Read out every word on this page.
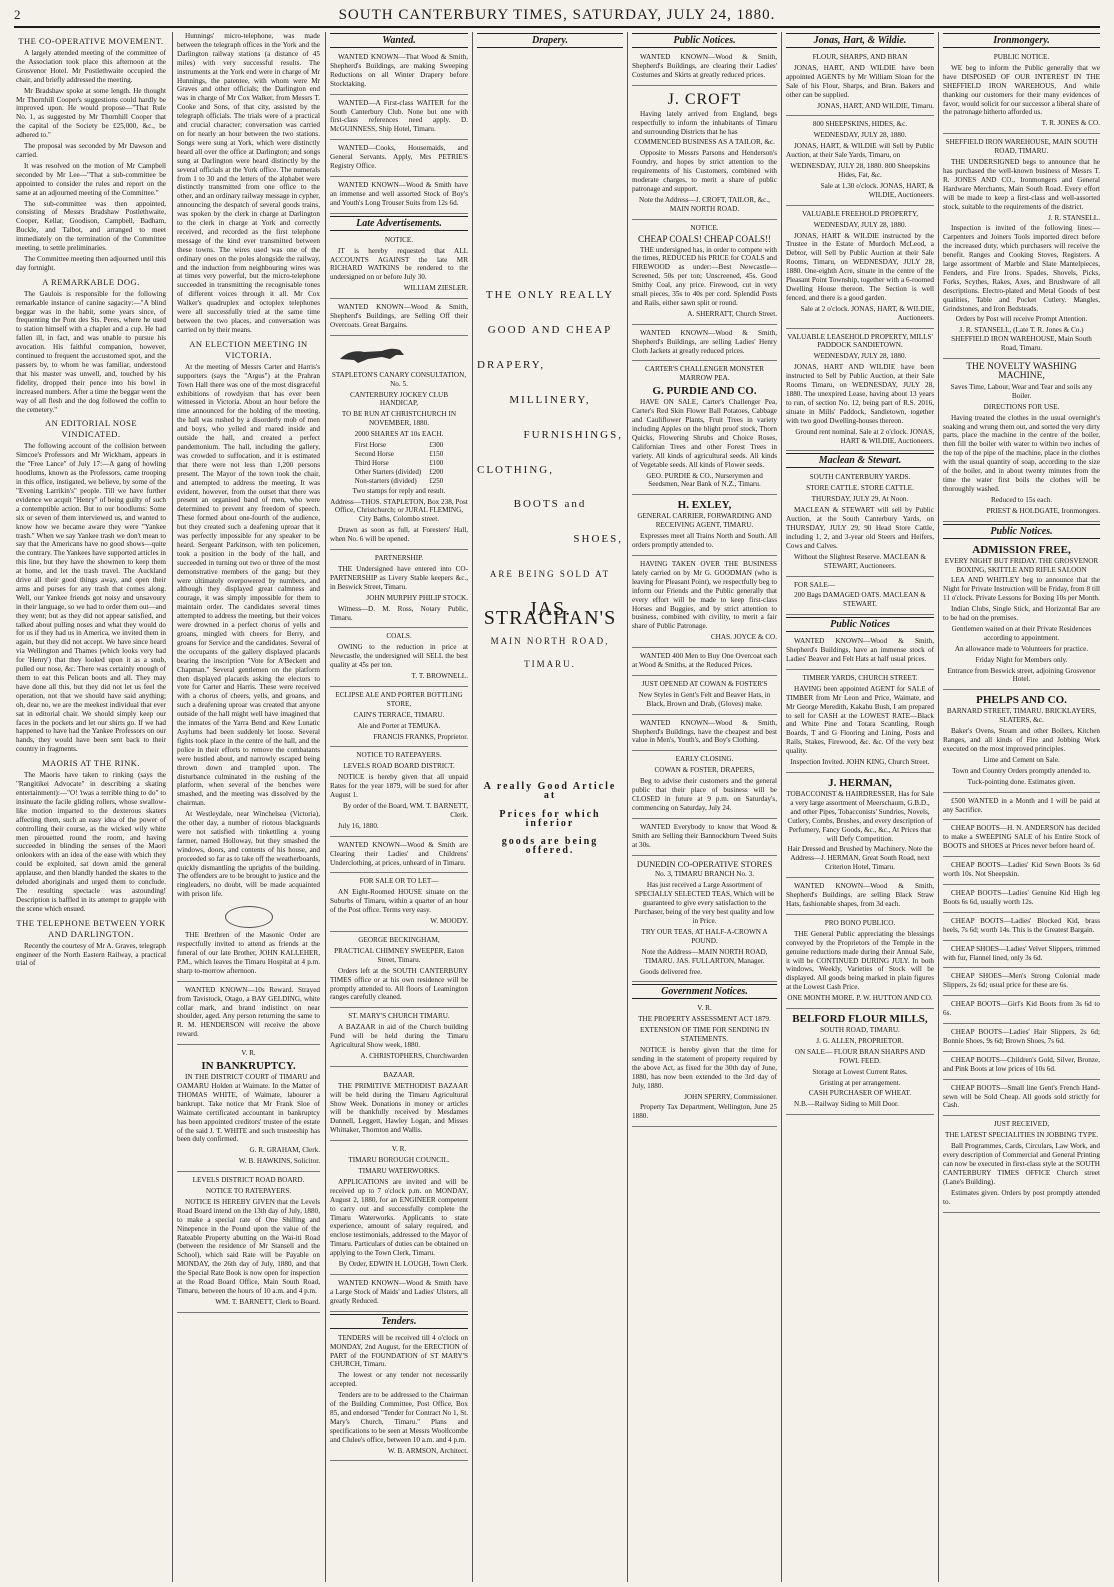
2	SOUTH CANTERBURY TIMES, SATURDAY, JULY 24, 1880.
THE CO-OPERATIVE MOVEMENT.

A largely attended meeting of the committee of the Association took place this afternoon at the Grosvenor Hotel. Mr Postlethwaite occupied the chair, and briefly addressed the meeting.

Mr Bradshaw spoke at some length. He thought Mr Thornhill Cooper's suggestions could hardly be improved upon. He would propose—"That Rule No. 1, as suggested by Mr Thornhill Cooper that the capital of the Society be £25,000, &c., be adhered to."

The proposal was seconded by Mr Dawson and carried.

It was resolved on the motion of Mr Campbell seconded by Mr Lee—"That a sub-committee be appointed to consider the rules and report on the same at an adjourned meeting of the Committee."

The sub-committee was then appointed, consisting of Messrs Bradshaw Postlethwaite, Cooper, Kellar, Goodison, Campbell, Badham, Buckle, and Talbot, and arranged to meet immediately on the termination of the Committee meeting, to settle preliminaries.

The Committee meeting then adjourned until this day fortnight.

A REMARKABLE DOG.

The Gaulois is responsible for the following remarkable instance of canine sagacity:—"A blind beggar was in the habit, some years since, of frequenting the Pont des Sts. Peres, where he used to station himself with a chaplet and a cup. He had fallen ill, in fact, and was unable to pursue his avocation. His faithful companion, however, continued to frequent the accustomed spot, and the passers by, to whom he was familiar, understood that his master was unwell, and, touched by his fidelity, dropped their pence into his bowl in increased numbers. After a time the beggar went the way of all flesh and the dog followed the coffin to the cemetery."

AN EDITORIAL NOSE VINDICATED.

The following account of the collision between Simcoe's Professors and Mr Wickham, appears in the "Free Lance" of July 17:—A gang of howling hoodlums, known as the Professors, came trooping in this office, instigated, we believe, by some of the "Evening Larrikin's" people. Till we have further evidence we acquit "Henry" of being guilty of such a contemptible action. But to our hoodlums: Some six or seven of them interviewed us, and wanted to know how we became aware they were "Yankee trash." When we say Yankee trash we don't mean to say that the Americans have no good shows—quite the contrary. The Yankees have supported articles in this line, but they have the showmen to keep them at home, and let the trash travel. The Auckland drive all their good things away, and open their arms and purses for any trash that comes along. Well, our Yankee friends got noisy and unsavoury in their language, so we had to order them out—and they went; but as they did not appear satisfied, and talked about pulling noses and what they would do for us if they had us in America, we invited them in again, but they did not accept. We have since heard via Wellington and Thames (which looks very bad for 'Henry') that they looked upon it as a snub, pulled our nose, &c. There was certainly enough of them to eat this Pelican boots and all. They may have done all this, but they did not let us feel the operation, not that we should have said anything; oh, dear no, we are the meekest individual that ever sat in editorial chair. We should simply keep our faces in the pockets and let our shirts go. If we had happened to have had the Yankee Professors on our hands, they would have been sent back to their country in fragments.

MAORIS AT THE RINK.

The Maoris have taken to rinking (says the "Rangitikei Advocate" in describing a skating entertainment):—"O! 'twas a terrible thing to do" to insinuate the facile gliding rollers, whose swallow-like motion imparted to the dexterous skaters affecting them, such an easy idea of the power of controlling their course, as the wicked wily white men pirouetted round the room, and having succeeded in blinding the senses of the Maori onlookers with an idea of the ease with which they could be exploited, sat down amid the general applause, and then blandly handed the skates to the deluded aboriginals and urged them to conclude. The resulting spectacle was astounding! Description is baffled in its attempt to grapple with the scene which ensued.

THE TELEPHONE BETWEEN YORK AND DARLINGTON.

Recently the courtesy of Mr A. Graves, telegraph engineer of the North Eastern Railway, a practical trial of

Hunnings' micro-telephone, was made between the telegraph offices in the York and the Darlington railway stations (a distance of 45 miles) with very successful results. The instruments at the York end were in charge of Mr Hunnings, the patentee, with whom were Mr Graves and other officials; the Darlington end was in charge of Mr Cox Walker, from Messrs T. Cooke and Sons, of that city, assisted by the telegraph officials. The trials were of a practical and crucial character; conversation was carried on for nearly an hour between the two stations. Songs were sung at York, which were distinctly heard all over the office at Darlington; and songs sung at Darlington were heard distinctly by the several officials at the York office. The numerals from 1 to 30 and the letters of the alphabet were distinctly transmitted from one office to the other, and an ordinary railway message in cypher, announcing the despatch of several goods trains, was spoken by the clerk in charge at Darlington to the clerk in charge at York and correctly received, and recorded as the first telephone message of the kind ever transmitted between these towns. The wires used was one of the ordinary ones on the poles alongside the railway, and the induction from neighbouring wires was at times very powerful, but the micro-telephone succeeded in transmitting the recognisable tones of different voices through it all. Mr Cox Walker's quadruplex and octoplex telephones were all successfully tried at the same time between the two places, and conversation was carried on by their means.

AN ELECTION MEETING IN VICTORIA.

At the meeting of Messrs Carter and Harris's supporters (says the "Argus") at the Prahran Town Hall there was one of the most disgraceful exhibitions of rowdyism that has ever been witnessed in Victoria. About an hour before the time announced for the holding of the meeting, the hall was rushed by a disorderly mob of men and boys, who yelled and roared inside and outside the hall, and created a perfect pandemonium. The hall, including the gallery, was crowded to suffocation, and it is estimated that there were not less than 1,200 persons present. The Mayor of the town took the chair, and attempted to address the meeting. It was evident, however, from the outset that there was present an organised band of men, who were determined to prevent any freedom of speech. These formed about one-fourth of the audience, but they created such a deafening uproar that it was perfectly impossible for any speaker to be heard. Sergeant Parkinson, with ten policemen, took a position in the body of the hall, and succeeded in turning out two or three of the most demonstrative members of the gang; but they were ultimately overpowered by numbers, and although they displayed great calmness and courage, it was simply impossible for them to maintain order. The candidates several times attempted to address the meeting, but their voices were drowned in a perfect chorus of yells and groans, mingled with cheers for Berry, and groans for Service and the candidates. Several of the occupants of the gallery displayed placards bearing the inscription "Vote for A'Beckett and Chapman." Several gentlemen on the platform then displayed placards asking the electors to vote for Carter and Harris. These were received with a chorus of cheers, yells, and groans, and such a deafening uproar was created that anyone outside of the hall might well have imagined that the inmates of the Yarra Bend and Kew Lunatic Asylums had been suddenly let loose. Several fights took place in the centre of the hall, and the police in their efforts to remove the combatants were hustled about, and narrowly escaped being thrown down and trampled upon. The disturbance culminated in the rushing of the platform, when several of the benches were smashed, and the meeting was dissolved by the chairman.

At Westleydale, near Winchelsea (Victoria), the other day, a number of riotous blackguards were not satisfied with tinkettling a young farmer, named Holloway, but they smashed the windows, doors, and contents of his house, and proceeded so far as to take off the weatherboards, quickly dismantling the uprights of the building. The offenders are to be brought to justice and the ringleaders, no doubt, will be made acquainted with prison life.

THE Brethren of the Masonic Order are respectfully invited to attend as friends at the funeral of our late Brother, JOHN KALLEHER, P.M., which leaves the Timaru Hospital at 4 p.m. sharp to-morrow afternoon.

WANTED KNOWN—10s Reward. Strayed from Tavistock, Otago, a BAY GELDING, white collar mark, and brand indistinct on near shoulder, aged. Any person returning the same to R. M. HENDERSON will receive the above reward.

V. R.

IN BANKRUPTCY.

IN THE DISTRICT COURT of TIMARU and OAMARU Holden at Waimate. In the Matter of THOMAS WHITE, of Waimate, labourer a bankrupt. Take notice that Mr Frank Sloe of Waimate certificated accountant in bankruptcy has been appointed creditors' trustee of the estate of the said J. T. WHITE and such trusteeship has been duly confirmed.

G. R. GRAHAM, Clerk.

W. B. HAWKINS, Solicitor.

LEVELS DISTRICT ROAD BOARD.

NOTICE TO RATEPAYERS.

NOTICE IS HEREBY GIVEN that the Levels Road Board intend on the 13th day of July, 1880, to make a special rate of One Shilling and Ninepence in the Pound upon the value of the Rateable Property abutting on the Wai-iti Road (between the residence of Mr Stansell and the School), which said Rate will be Payable on MONDAY, the 26th day of July, 1880, and that the Special Rate Book is now open for inspection at the Road Board Office, Main South Road, Timaru, between the hours of 10 a.m. and 4 p.m.

WM. T. BARNETT, Clerk to Board.

Wanted.

WANTED KNOWN—That Wood & Smith, Shepherd's Buildings, are making Sweeping Reductions on all Winter Drapery before Stocktaking.

WANTED—A First-class WAITER for the South Canterbury Club. None but one with first-class references need apply. D. McGUINNESS, Ship Hotel, Timaru.

WANTED—Cooks, Housemaids, and General Servants. Apply, Mrs PETRIE'S Registry Office.

WANTED KNOWN—Wood & Smith have an immense and well assorted Stock of Boy's and Youth's Long Trouser Suits from 12s 6d.

Late Advertisements.

NOTICE.

IT is hereby requested that ALL ACCOUNTS AGAINST the late MR RICHARD WATKINS be rendered to the undersigned on or before July 30.

WILLIAM ZIESLER.

WANTED KNOWN—Wood & Smith, Shepherd's Buildings, are Selling Off their Overcoats. Great Bargains.

STAPLETON'S CANARY CONSULTATION, No. 5.

CANTERBURY JOCKEY CLUB HANDICAP,

TO BE RUN AT CHRISTCHURCH IN NOVEMBER, 1880.

2000 SHARES AT 10s EACH.

First Horse	£300
Second Horse	£150
Third Horse	£100
Other Starters (divided)	£200
Non-starters (divided)	£250

Two stamps for reply and result.

Address—THOS. STAPLETON, Box 238, Post Office, Christchurch; or JURAL FLEMING, City Baths, Colombo street.

Drawn as soon as full, at Foresters' Hall, when No. 6 will be opened.

PARTNERSHIP.

THE Undersigned have entered into CO-PARTNERSHIP as Livery Stable keepers &c., in Beswick Street, Timaru.

JOHN MURPHY PHILIP STOCK.

Witness—D. M. Ross, Notary Public, Timaru.

COALS.

OWING to the reduction in price at Newcastle, the undersigned will SELL the best quality at 45s per ton.

T. T. BROWNELL.

ECLIPSE ALE AND PORTER BOTTLING STORE,

CAIN'S TERRACE, TIMARU.

Ale and Porter at TEMUKA.

FRANCIS FRANKS, Proprietor.

NOTICE TO RATEPAYERS.

LEVELS ROAD BOARD DISTRICT.

NOTICE is hereby given that all unpaid Rates for the year 1879, will be sued for after August 1.

By order of the Board, WM. T. BARNETT, Clerk.

July 16, 1880.

WANTED KNOWN—Wood & Smith are Clearing their Ladies' and Childrens' Underclothing, at prices, unheard of in Timaru.

FOR SALE OR TO LET—

AN Eight-Roomed HOUSE situate on the Suburbs of Timaru, within a quarter of an hour of the Post office. Terms very easy.

W. MOODY.

GEORGE BECKINGHAM,

PRACTICAL CHIMNEY SWEEPER, Eaton Street, Timaru.

Orders left at the SOUTH CANTERBURY TIMES office or at his own residence will be promptly attended to. All floors of Leamington ranges carefully cleaned.

ST. MARY'S CHURCH TIMARU.

A BAZAAR in aid of the Church building Fund will be held during the Timaru Agricultural Show week, 1880.

A. CHRISTOPHERS, Churchwarden

BAZAAR.

THE PRIMITIVE METHODIST BAZAAR will be held during the Timaru Agricultural Show Week. Donations in money or articles will be thankfully received by Mesdames Dunnell, Leggett, Hawley Logan, and Misses Whittaker, Thornton and Wallis.

V. R.

TIMARU BOROUGH COUNCIL.

TIMARU WATERWORKS.

APPLICATIONS are invited and will be received up to 7 o'clock p.m. on MONDAY, August 2, 1880, for an ENGINEER competent to carry out and successfully complete the Timaru Waterworks. Applicants to state experience, amount of salary required, and enclose testimonials, addressed to the Mayor of Timaru. Particulars of duties can be obtained on applying to the Town Clerk, Timaru.

By Order, EDWIN H. LOUGH, Town Clerk.

WANTED KNOWN—Wood & Smith have a Large Stock of Maids' and Ladies' Ulsters, all greatly Reduced.

Tenders.

TENDERS will be received till 4 o'clock on MONDAY, 2nd August, for the ERECTION of PART of the FOUNDATION of ST MARY'S CHURCH, Timaru.

The lowest or any tender not necessarily accepted.

Tenders are to be addressed to the Chairman of the Building Committee, Post Office, Box 85, and endorsed "Tender for Contract No 1, St. Mary's Church, Timaru." Plans and specifications to be seen at Messrs Woollcombe and Clulee's office, between 10 a.m. and 4 p.m.

W. B. ARMSON, Architect.

Drapery.
THE ONLY REALLY
GOOD AND CHEAP
DRAPERY,
MILLINERY,
FURNISHINGS,
CLOTHING,
BOOTS and
SHOES,
ARE BEING SOLD AT
JAS. STRACHAN'S
MAIN NORTH ROAD,
TIMARU.
A really Good Article at
Prices for which inferior
goods are being offered.
Public Notices.

WANTED KNOWN—Wood & Smith, Shepherd's Buildings, are clearing their Ladies' Costumes and Skirts at greatly reduced prices.

J. CROFT

Having lately arrived from England, begs respectfully to inform the inhabitants of Timaru and surrounding Districts that he has

COMMENCED BUSINESS AS A TAILOR, &c.

Opposite to Messrs Parsons and Henderson's Foundry, and hopes by strict attention to the requirements of his Customers, combined with moderate charges, to merit a share of public patronage and support.

Note the Address—J. CROFT, TAILOR, &c., MAIN NORTH ROAD.

NOTICE.

CHEAP COALS! CHEAP COALS!!

THE undersigned has, in order to compete with the times, REDUCED his PRICE for COALS and FIREWOOD as under:—Best Newcastle—Screened, 50s per ton; Unscreened, 45s. Good Smithy Coal, any price. Firewood, cut in very small pieces, 35s to 40s per cord. Splendid Posts and Rails, either sawn split or round.

A. SHERRATT, Church Street.

WANTED KNOWN—Wood & Smith, Shepherd's Buildings, are selling Ladies' Henry Cloth Jackets at greatly reduced prices.

CARTER'S CHALLENGER MONSTER MARROW PEA.

G. PURDIE AND CO.

HAVE ON SALE, Carter's Challenger Pea, Carter's Red Skin Flower Ball Potatoes, Cabbage and Cauliflower Plants, Fruit Trees in variety including Apples on the blight proof stock, Thorn Quicks, Flowering Shrubs and Choice Roses, Californian Trees and other Forest Trees in variety. All kinds of agricultural seeds. All kinds of Vegetable seeds. All kinds of Flower seeds.

GEO. PURDIE & CO., Nurserymen and Seedsmen, Near Bank of N.Z., Timaru.

H. EXLEY,

GENERAL CARRIER, FORWARDING AND RECEIVING AGENT, TIMARU.

Expresses meet all Trains North and South. All orders promptly attended to.

HAVING TAKEN OVER THE BUSINESS lately carried on by Mr G. GOODMAN (who is leaving for Pleasant Point), we respectfully beg to inform our Friends and the Public generally that every effort will be made to keep first-class Horses and Buggies, and by strict attention to business, combined with civility, to merit a fair share of Public Patronage.

CHAS. JOYCE & CO.

WANTED 400 Men to Buy One Overcoat each at Wood & Smiths, at the Reduced Prices.

JUST OPENED AT COWAN & FOSTER'S

New Styles in Gent's Felt and Beaver Hats, in Black, Brown and Drab, (Gloves) make.

WANTED KNOWN—Wood & Smith, Shepherd's Buildings, have the cheapest and best value in Men's, Youth's, and Boy's Clothing.

EARLY CLOSING.

COWAN & FOSTER, DRAPERS,

Beg to advise their customers and the general public that their place of business will be CLOSED in future at 9 p.m. on Saturday's, commencing on Saturday, July 24.

WANTED Everybody to know that Wood & Smith are Selling their Bannockburn Tweed Suits at 30s.

DUNEDIN CO-OPERATIVE STORES

No. 3, TIMARU BRANCH No. 3.

Has just received a Large Assortment of SPECIALLY SELECTED TEAS, Which will be guaranteed to give every satisfaction to the Purchaser, being of the very best quality and low in Price.

TRY OUR TEAS, AT HALF-A-CROWN A POUND.

Note the Address—MAIN NORTH ROAD, TIMARU. JAS. FULLARTON, Manager.

Goods delivered free.

Government Notices.

V. R.

THE PROPERTY ASSESSMENT ACT 1879.

EXTENSION OF TIME FOR SENDING IN STATEMENTS.

NOTICE is hereby given that the time for sending in the statement of property required by the above Act, as fixed for the 30th day of June, 1880, has now been extended to the 3rd day of July, 1880.

JOHN SPERRY, Commissioner.

Property Tax Department, Wellington, June 25 1880.

Jonas, Hart, & Wildie.

FLOUR, SHARPS, AND BRAN

JONAS, HART, AND WILDIE have been appointed AGENTS by Mr William Sloan for the Sale of his Flour, Sharps, and Bran. Bakers and other can be supplied.

JONAS, HART, AND WILDIE, Timaru.

800 SHEEPSKINS, HIDES, &c.

WEDNESDAY, JULY 28, 1880.

JONAS, HART, & WILDIE will Sell by Public Auction, at their Sale Yards, Timaru, on

WEDNESDAY, JULY 28, 1880. 800 Sheepskins Hides, Fat, &c.

Sale at 1.30 o'clock. JONAS, HART, & WILDIE, Auctioneers.

VALUABLE FREEHOLD PROPERTY,

WEDNESDAY, JULY 28, 1880.

JONAS, HART & WILDIE instructed by the Trustee in the Estate of Murdoch McLeod, a Debtor, will Sell by Public Auction at their Sale Rooms, Timaru, on WEDNESDAY, JULY 28, 1880. One-eighth Acre, situate in the centre of the Pleasant Point Township, together with a 6-roomed Dwelling House thereon. The Section is well fenced, and there is a good garden.

Sale at 2 o'clock. JONAS, HART, & WILDIE, Auctioneers.

VALUABLE LEASEHOLD PROPERTY, MILLS' PADDOCK SANDIETOWN.

WEDNESDAY, JULY 28, 1880.

JONAS, HART AND WILDIE have been instructed to Sell by Public Auction, at their Sale Rooms Timaru, on WEDNESDAY, JULY 28, 1880. The unexpired Lease, having about 13 years to run, of section No. 12, being part of R.S. 2016, situate in Mills' Paddock, Sandietown, together with two good Dwelling-houses thereon.

Ground rent nominal. Sale at 2 o'clock. JONAS, HART & WILDIE, Auctioneers.

Maclean & Stewart.

SOUTH CANTERBURY YARDS.

STORE CATTLE. STORE CATTLE.

THURSDAY, JULY 29, At Noon.

MACLEAN & STEWART will sell by Public Auction, at the South Canterbury Yards, on THURSDAY, JULY 29, 90 Head Store Cattle, including 1, 2, and 3-year old Steers and Heifers, Cows and Calves.

Without the Slightest Reserve. MACLEAN & STEWART, Auctioneers.

FOR SALE—

200 Bags DAMAGED OATS. MACLEAN & STEWART.

Public Notices

WANTED KNOWN—Wood & Smith, Shepherd's Buildings, have an immense stock of Ladies' Beaver and Felt Hats at half usual prices.

TIMBER YARDS, CHURCH STREET.

HAVING been appointed AGENT for SALE of TIMBER from Mr Leon and Price, Waimate, and Mr George Meredith, Kakahu Bush, I am prepared to sell for CASH at the LOWEST RATE—Black and White Pine and Totara Scantling, Rough Boards, T and G Flooring and Lining, Posts and Rails, Stakes, Firewood, &c. &c. Of the very best quality.

Inspection Invited. JOHN KING, Church Street.

J. HERMAN,

TOBACCONIST & HAIRDRESSER, Has for Sale a very large assortment of Meerschaum, G.B.D., and other Pipes, Tobacconists' Sundries, Novels, Cutlery, Combs, Brushes, and every description of Perfumery, Fancy Goods, &c., &c., At Prices that will Defy Competition.

Hair Dressed and Brushed by Machinery. Note the Address—J. HERMAN, Great South Road, next Criterion Hotel, Timaru.

WANTED KNOWN—Wood & Smith, Shepherd's Buildings, are selling Black Straw Hats, fashionable shapes, from 3d each.

PRO BONO PUBLICO.

THE General Public appreciating the blessings conveyed by the Proprietors of the Temple in the genuine reductions made during their Annual Sale, it will be CONTINUED DURING JULY. In both windows, Weekly, Varieties of Stock will be displayed. All goods being marked in plain figures at the Lowest Cash Price.

ONE MONTH MORE. P. W. HUTTON AND CO.

BELFORD FLOUR MILLS,

SOUTH ROAD, TIMARU.

J. G. ALLEN, PROPRIETOR.

ON SALE— FLOUR BRAN SHARPS AND FOWL FEED.

Storage at Lowest Current Rates.

Gristing at per arrangement.

CASH PURCHASER OF WHEAT.

N.B.—Railway Siding to Mill Door.

Ironmongery.

PUBLIC NOTICE.

WE beg to inform the Public generally that we have DISPOSED OF OUR INTEREST IN THE SHEFFIELD IRON WAREHOUS, And while thanking our customers for their many evidences of favor, would solicit for our successor a liberal share of the patronage hitherto afforded us.

T. R. JONES & CO.

SHEFFIELD IRON WAREHOUSE, MAIN SOUTH ROAD, TIMARU.

THE UNDERSIGNED begs to announce that he has purchased the well-known business of Messrs T. R. JONES AND CO., Ironmongers and General Hardware Merchants, Main South Road. Every effort will be made to keep a first-class and well-assorted stock, suitable to the requirements of the district.

J. R. STANSELL.

Inspection is invited of the following lines:—Carpenters and Joiners Tools imported direct before the increased duty, which purchasers will receive the benefit. Ranges and Cooking Stoves, Registers. A large assortment of Marble and Slate Mantelpieces, Fenders, and Fire Irons. Spades, Shovels, Picks, Forks, Scythes, Rakes, Axes, and Brushware of all descriptions. Electro-plated and Metal Goods of best qualities, Table and Pocket Cutlery. Mangles, Grindstones, and Iron Bedsteads.

Orders by Post will receive Prompt Attention.

J. R. STANSELL, (Late T. R. Jones & Co.) SHEFFIELD IRON WAREHOUSE, Main South Road, Timaru.

THE NOVELTY WASHING MACHINE,

Saves Time, Labour, Wear and Tear and soils any Boiler.

DIRECTIONS FOR USE.

Having treated the clothes in the usual overnight's soaking and wrung them out, and sorted the very dirty parts, place the machine in the centre of the boiler, then fill the boiler with water to within two inches of the top of the pipe of the machine, place in the clothes with the usual quantity of soap, according to the size of the boiler, and in about twenty minutes from the time the water first boils the clothes will be thoroughly washed.

Reduced to 15s each.

PRIEST & HOLDGATE, Ironmongers.

Public Notices.
ADMISSION FREE,

EVERY NIGHT BUT FRIDAY. THE GROSVENOR BOXING, SKITTLE AND RIFLE SALOON

LEA AND WHITLEY beg to announce that the Night for Private Instruction will be Friday, from 8 till 11 o'clock. Private Lessons for Boxing 10s per Month.

Indian Clubs, Single Stick, and Horizontal Bar are to be had on the premises.

Gentlemen waited on at their Private Residences according to appointment.

An allowance made to Volunteers for practice.

Friday Night for Members only.

Entrance from Beswick street, adjoining Grosvenor Hotel.

PHELPS AND CO.

BARNARD STREET, TIMARU. BRICKLAYERS, SLATERS, &c.

Baker's Ovens, Steam and other Boilers, Kitchen Ranges, and all kinds of Fire and Jobbing Work executed on the most improved principles.

Lime and Cement on Sale.

Town and Country Orders promptly attended to.

Tuck-pointing done. Estimates given.

£500 WANTED in a Month and I will be paid at any Sacrifice.

CHEAP BOOTS—H. N. ANDERSON has decided to make a SWEEPING SALE of his Entire Stock of BOOTS and SHOES at Prices never before heard of.

CHEAP BOOTS—Ladies' Kid Sewn Boots 3s 6d worth 10s. Not Sheepskin.

CHEAP BOOTS—Ladies' Genuine Kid High leg Boots 6s 6d, usually worth 12s.

CHEAP BOOTS—Ladies' Blocked Kid, brass heels, 7s 6d; worth 14s. This is the Greatest Bargain.

CHEAP SHOES—Ladies' Velvet Slippers, trimmed with fur, Flannel lined, only 3s 6d.

CHEAP SHOES—Men's Strong Colonial made Slippers, 2s 6d; usual price for these are 6s.

CHEAP BOOTS—Girl's Kid Boots from 3s 6d to 6s.

CHEAP BOOTS—Ladies' Hair Slippers, 2s 6d; Bonnie Shoes, 9s 6d; Brown Shoes, 7s 6d.

CHEAP BOOTS—Children's Gold, Silver, Bronze, and Pink Boots at low prices of 10s 6d.

CHEAP BOOTS—Small line Gent's French Hand-sewn will be Sold Cheap. All goods sold strictly for Cash.

JUST RECEIVED,

THE LATEST SPECIALITIES IN JOBBING TYPE.

Ball Programmes, Cards, Circulars, Law Work, and every description of Commercial and General Printing can now be executed in first-class style at the SOUTH CANTERBURY TIMES OFFICE Church street (Lane's Building).

Estimates given. Orders by post promptly attended to.
